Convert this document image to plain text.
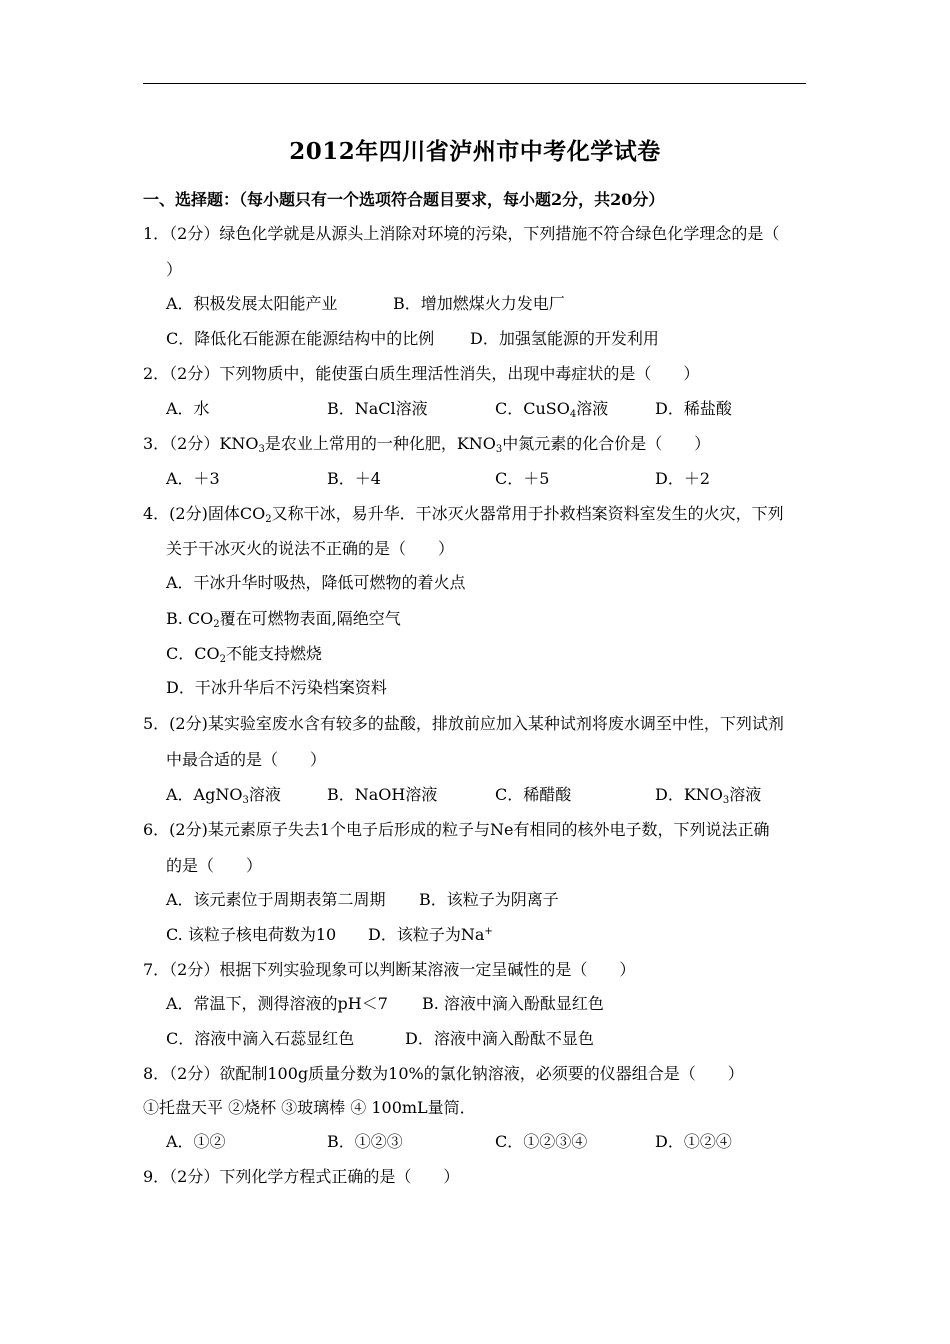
2012年四川省泸州市中考化学试卷
一、选择题：（每小题只有一个选项符合题目要求，每小题2分，共20分）
1．（2分）绿色化学就是从源头上消除对环境的污染，下列措施不符合绿色化学理念的是（
）
A．积极发展太阳能产业	B．增加燃煤火力发电厂
C．降低化石能源在能源结构中的比例 D．加强氢能源的开发利用
2．（2分）下列物质中，能使蛋白质生理活性消失，出现中毒症状的是（　　）
A．水	B．NaCl溶液	C．CuSO$_4$溶液	D．稀盐酸
3．（2分）$KNO_3$是农业上常用的一种化肥，$KNO_3$中氮元素的化合价是（　　）
A．＋3	B．＋4	C．＋5	D．＋2
4．(2分)固体$CO_2$又称干冰，易升华．干冰灭火器常用于扑救档案资料室发生的火灾，下列
关于干冰灭火的说法不正确的是（　　）
A．干冰升华时吸热，降低可燃物的着火点
B. $CO_2$覆在可燃物表面,隔绝空气
C．$CO_2$不能支持燃烧
D．干冰升华后不污染档案资料
5．(2分)某实验室废水含有较多的盐酸，排放前应加入某种试剂将废水调至中性，下列试剂
中最合适的是（　　）
A．AgNO$_3$溶液	B．NaOH溶液	C．稀醋酸	D．$KNO_3$溶液
6．(2分)某元素原子失去1个电子后形成的粒子与Ne有相同的核外电子数，下列说法正确
的是（　　）
A．该元素位于周期表第二周期 B．该粒子为阴离子
C. 该粒子核电荷数为10 D．该粒子为Na+
7．（2分）根据下列实验现象可以判断某溶液一定呈碱性的是（　　）
A．常温下，测得溶液的pH＜7 B. 溶液中滴入酚酞显红色
C．溶液中滴入石蕊显红色	D．溶液中滴入酚酞不显色
8．（2分）欲配制100g质量分数为10%的氯化钠溶液，必须要的仪器组合是（　　）
①托盘天平 ②烧杯 ③玻璃棒 ④ 100mL量筒．
A．①②	B．①②③	C．①②③④	D．①②④
9．（2分）下列化学方程式正确的是（　　）
